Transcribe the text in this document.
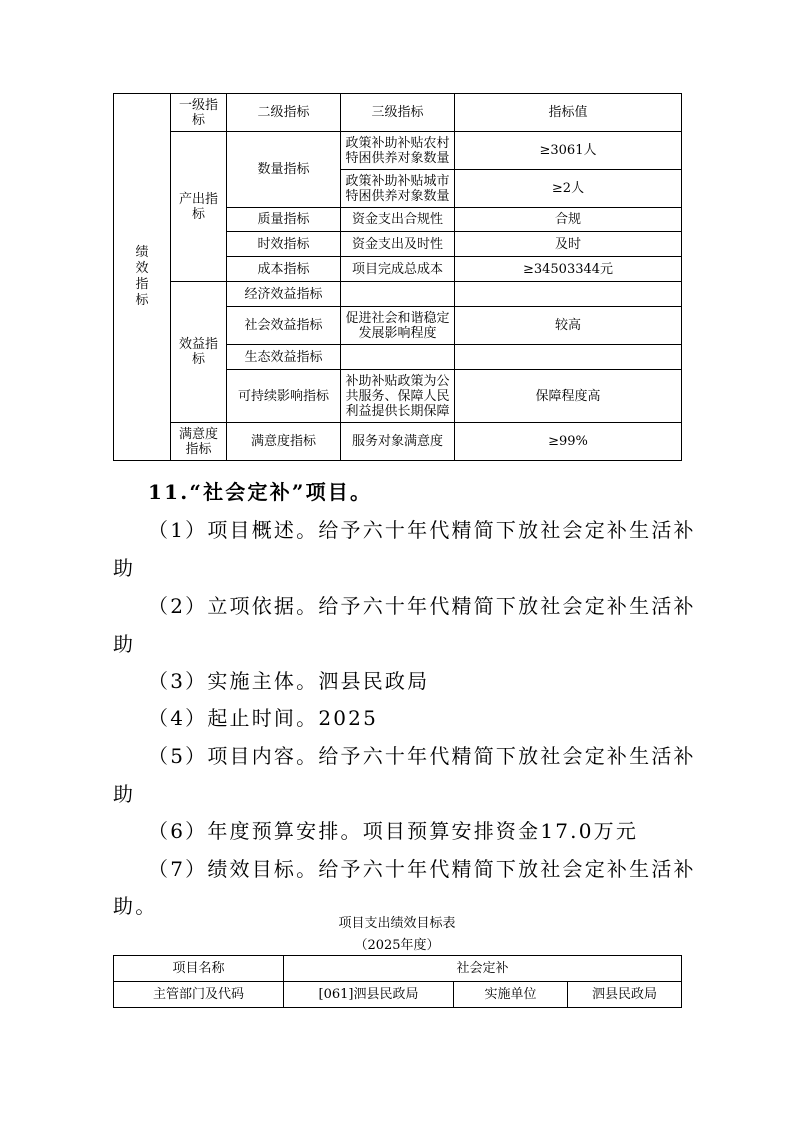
绩效指标	一级指标	二级指标	三级指标	指标值
	产出指标	数量指标	政策补助补贴农村特困供养对象数量	≥3061人
			政策补助补贴城市特困供养对象数量	≥2人
		质量指标	资金支出合规性	合规
		时效指标	资金支出及时性	及时
		成本指标	项目完成总成本	≥34503344元
	效益指标	经济效益指标		
		社会效益指标	促进社会和谐稳定发展影响程度	较高
		生态效益指标		
		可持续影响指标	补助补贴政策为公共服务、保障人民利益提供长期保障	保障程度高
	满意度指标	满意度指标	服务对象满意度	≥99%
11.“社会定补”项目。
（1）项目概述。给予六十年代精简下放社会定补生活补
助
（2）立项依据。给予六十年代精简下放社会定补生活补
助
（3）实施主体。泗县民政局
（4）起止时间。2025
（5）项目内容。给予六十年代精简下放社会定补生活补
助
（6）年度预算安排。项目预算安排资金17.0万元
（7）绩效目标。给予六十年代精简下放社会定补生活补
助。
项目支出绩效目标表
（2025年度）
项目名称	社会定补		
主管部门及代码	[061]泗县民政局	实施单位	泗县民政局
